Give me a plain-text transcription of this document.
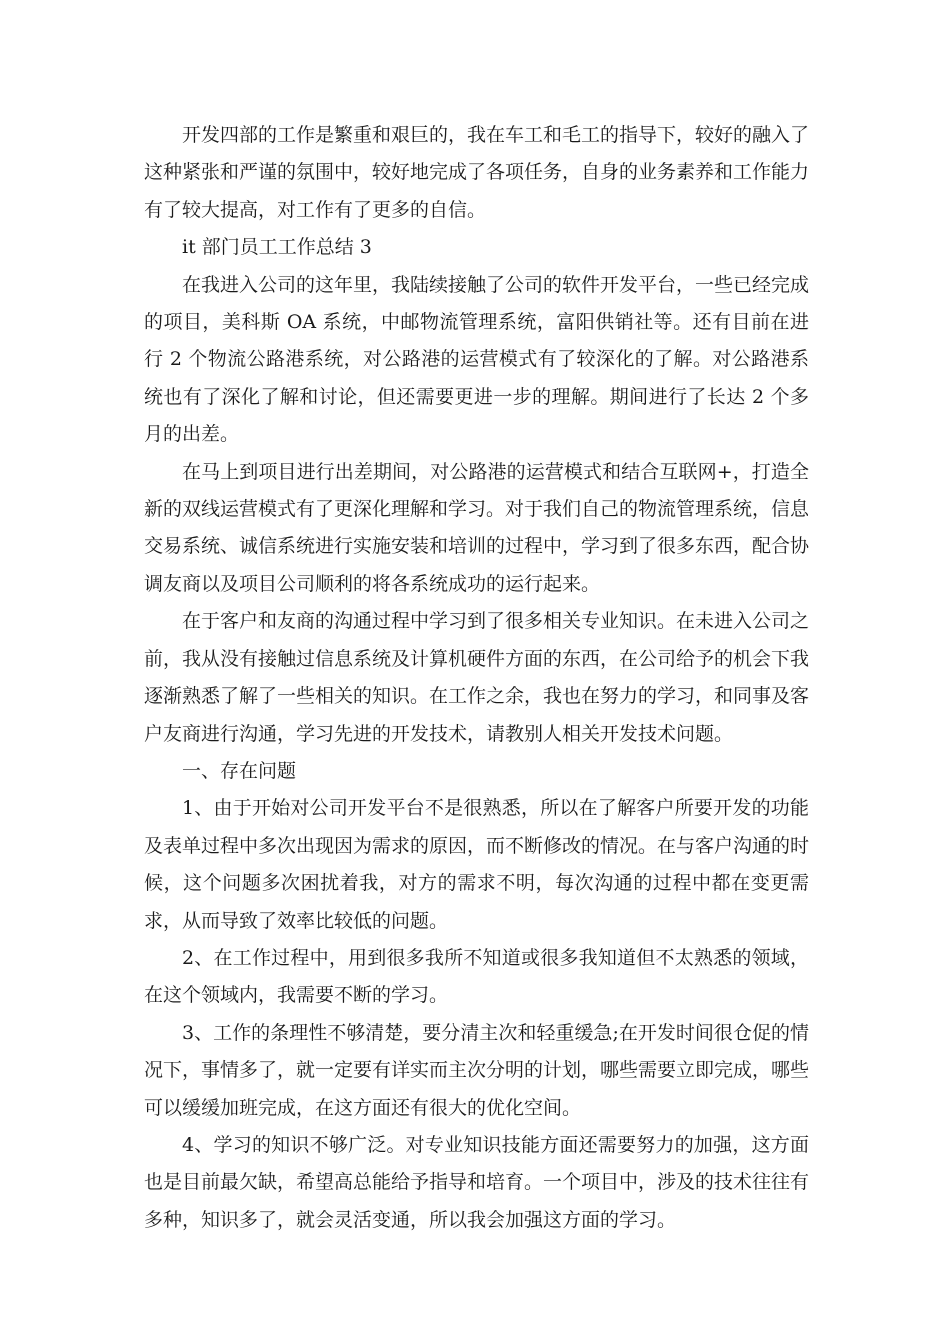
开发四部的工作是繁重和艰巨的，我在车工和毛工的指导下，较好的融入了这种紧张和严谨的氛围中，较好地完成了各项任务，自身的业务素养和工作能力有了较大提高，对工作有了更多的自信。

it 部门员工工作总结 3

在我进入公司的这年里，我陆续接触了公司的软件开发平台，一些已经完成的项目，美科斯 OA 系统，中邮物流管理系统，富阳供销社等。还有目前在进行 2 个物流公路港系统，对公路港的运营模式有了较深化的了解。对公路港系统也有了深化了解和讨论，但还需要更进一步的理解。期间进行了长达 2 个多月的出差。

在马上到项目进行出差期间，对公路港的运营模式和结合互联网+，打造全新的双线运营模式有了更深化理解和学习。对于我们自己的物流管理系统，信息交易系统、诚信系统进行实施安装和培训的过程中，学习到了很多东西，配合协调友商以及项目公司顺利的将各系统成功的运行起来。

在于客户和友商的沟通过程中学习到了很多相关专业知识。在未进入公司之前，我从没有接触过信息系统及计算机硬件方面的东西，在公司给予的机会下我逐渐熟悉了解了一些相关的知识。在工作之余，我也在努力的学习，和同事及客户友商进行沟通，学习先进的开发技术，请教别人相关开发技术问题。

一、存在问题

1、由于开始对公司开发平台不是很熟悉，所以在了解客户所要开发的功能及表单过程中多次出现因为需求的原因，而不断修改的情况。在与客户沟通的时候，这个问题多次困扰着我，对方的需求不明，每次沟通的过程中都在变更需求，从而导致了效率比较低的问题。

2、在工作过程中，用到很多我所不知道或很多我知道但不太熟悉的领域，在这个领域内，我需要不断的学习。

3、工作的条理性不够清楚，要分清主次和轻重缓急;在开发时间很仓促的情况下，事情多了，就一定要有详实而主次分明的计划，哪些需要立即完成，哪些可以缓缓加班完成，在这方面还有很大的优化空间。

4、学习的知识不够广泛。对专业知识技能方面还需要努力的加强，这方面也是目前最欠缺，希望高总能给予指导和培育。一个项目中，涉及的技术往往有多种，知识多了，就会灵活变通，所以我会加强这方面的学习。
